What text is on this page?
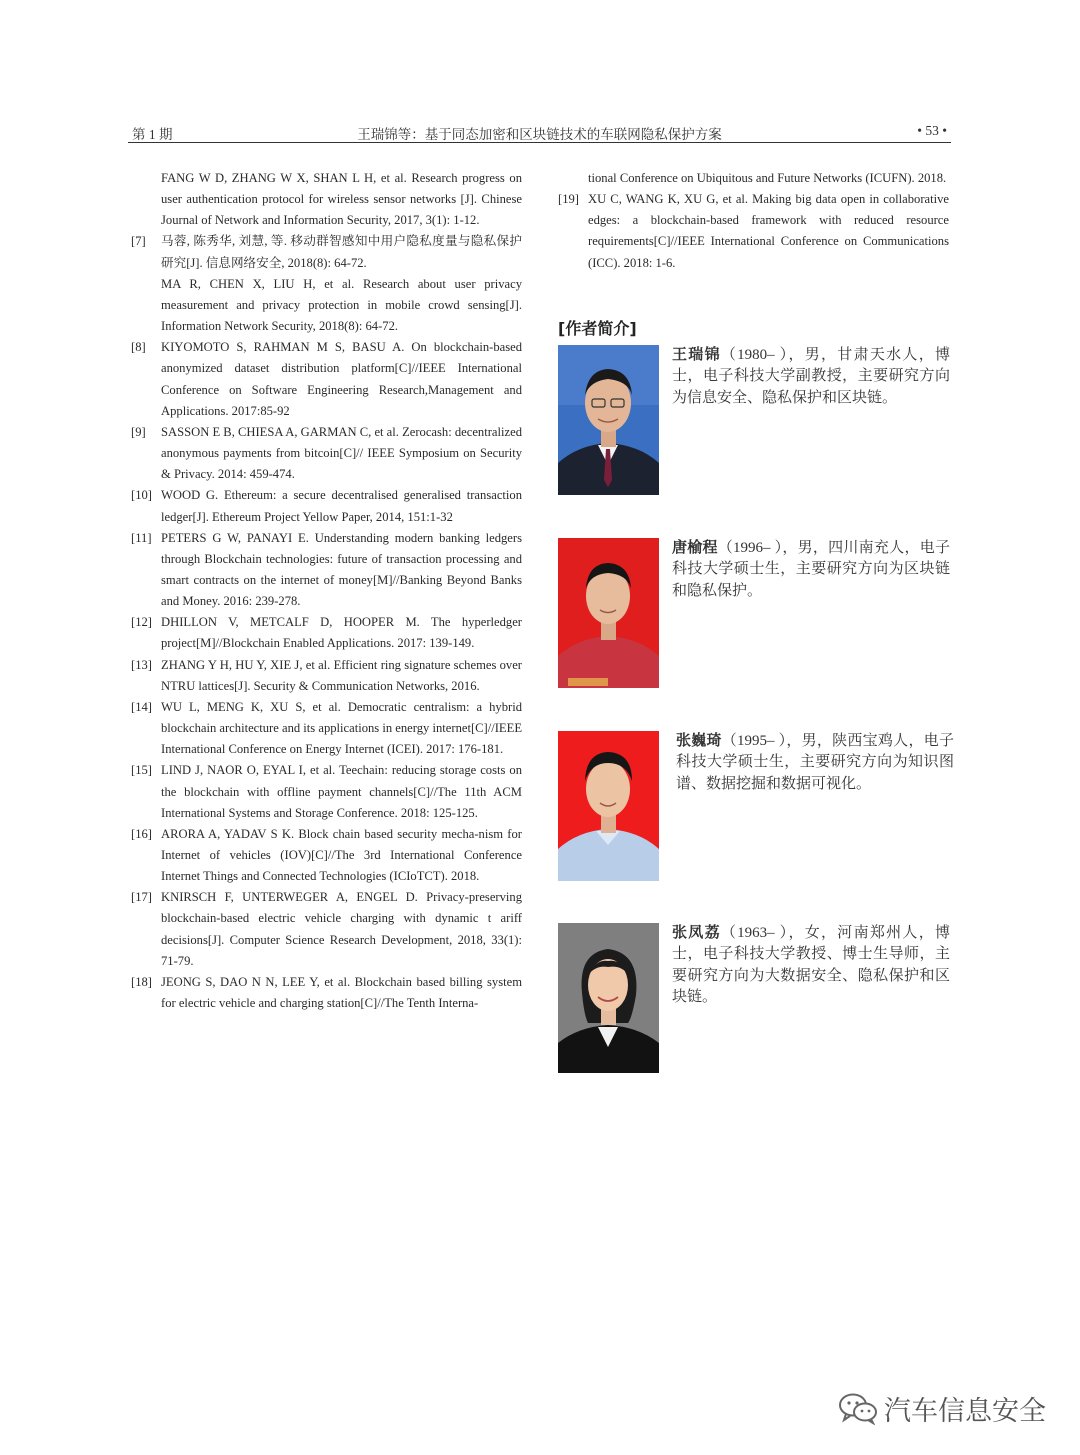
王瑞锦等：基于同态加密和区块链技术的车联网隐私保护方案
第 1 期	• 53 •
FANG W D, ZHANG W X, SHAN L H, et al. Research progress on user authentication protocol for wireless sensor networks [J]. Chinese Journal of Network and Information Security, 2017, 3(1): 1-12.
[7] 马蓉, 陈秀华, 刘慧, 等. 移动群智感知中用户隐私度量与隐私保护研究[J]. 信息网络安全, 2018(8): 64-72.
MA R, CHEN X, LIU H, et al. Research about user privacy measurement and privacy protection in mobile crowd sensing[J]. Information Network Security, 2018(8): 64-72.
[8] KIYOMOTO S, RAHMAN M S, BASU A. On blockchain-based anonymized dataset distribution platform[C]//IEEE International Conference on Software Engineering Research,Management and Applications. 2017:85-92
[9] SASSON E B, CHIESA A, GARMAN C, et al. Zerocash: decentralized anonymous payments from bitcoin[C]// IEEE Symposium on Security & Privacy. 2014: 459-474.
[10] WOOD G. Ethereum: a secure decentralised generalised transaction ledger[J]. Ethereum Project Yellow Paper, 2014, 151:1-32
[11] PETERS G W, PANAYI E. Understanding modern banking ledgers through Blockchain technologies: future of transaction processing and smart contracts on the internet of money[M]//Banking Beyond Banks and Money. 2016: 239-278.
[12] DHILLON V, METCALF D, HOOPER M. The hyperledger project[M]//Blockchain Enabled Applications. 2017: 139-149.
[13] ZHANG Y H, HU Y, XIE J, et al. Efficient ring signature schemes over NTRU lattices[J]. Security & Communication Networks, 2016.
[14] WU L, MENG K, XU S, et al. Democratic centralism: a hybrid blockchain architecture and its applications in energy internet[C]//IEEE International Conference on Energy Internet (ICEI). 2017: 176-181.
[15] LIND J, NAOR O, EYAL I, et al. Teechain: reducing storage costs on the blockchain with offline payment channels[C]//The 11th ACM International Systems and Storage Conference. 2018: 125-125.
[16] ARORA A, YADAV S K. Block chain based security mecha-nism for Internet of vehicles (IOV)[C]//The 3rd International Conference Internet Things and Connected Technologies (ICIoTCT). 2018.
[17] KNIRSCH F, UNTERWEGER A, ENGEL D. Privacy-preserving blockchain-based electric vehicle charging with dynamic t ariff decisions[J]. Computer Science Research Development, 2018, 33(1): 71-79.
[18] JEONG S, DAO N N, LEE Y, et al. Blockchain based billing system for electric vehicle and charging station[C]//The Tenth Interna-
tional Conference on Ubiquitous and Future Networks (ICUFN). 2018.
[19] XU C, WANG K, XU G, et al. Making big data open in collaborative edges: a blockchain-based framework with reduced resource requirements[C]//IEEE International Conference on Communications (ICC). 2018: 1-6.
[作者简介]
王瑞锦（1980– ），男，甘肃天水人，博士，电子科技大学副教授，主要研究方向为信息安全、隐私保护和区块链。
唐榆程（1996– ），男，四川南充人，电子科技大学硕士生，主要研究方向为区块链和隐私保护。
张巍琦（1995– ），男，陕西宝鸡人，电子科技大学硕士生，主要研究方向为知识图谱、数据挖掘和数据可视化。
张凤荔（1963– ），女，河南郑州人，博士，电子科技大学教授、博士生导师，主要研究方向为大数据安全、隐私保护和区块链。
汽车信息安全
